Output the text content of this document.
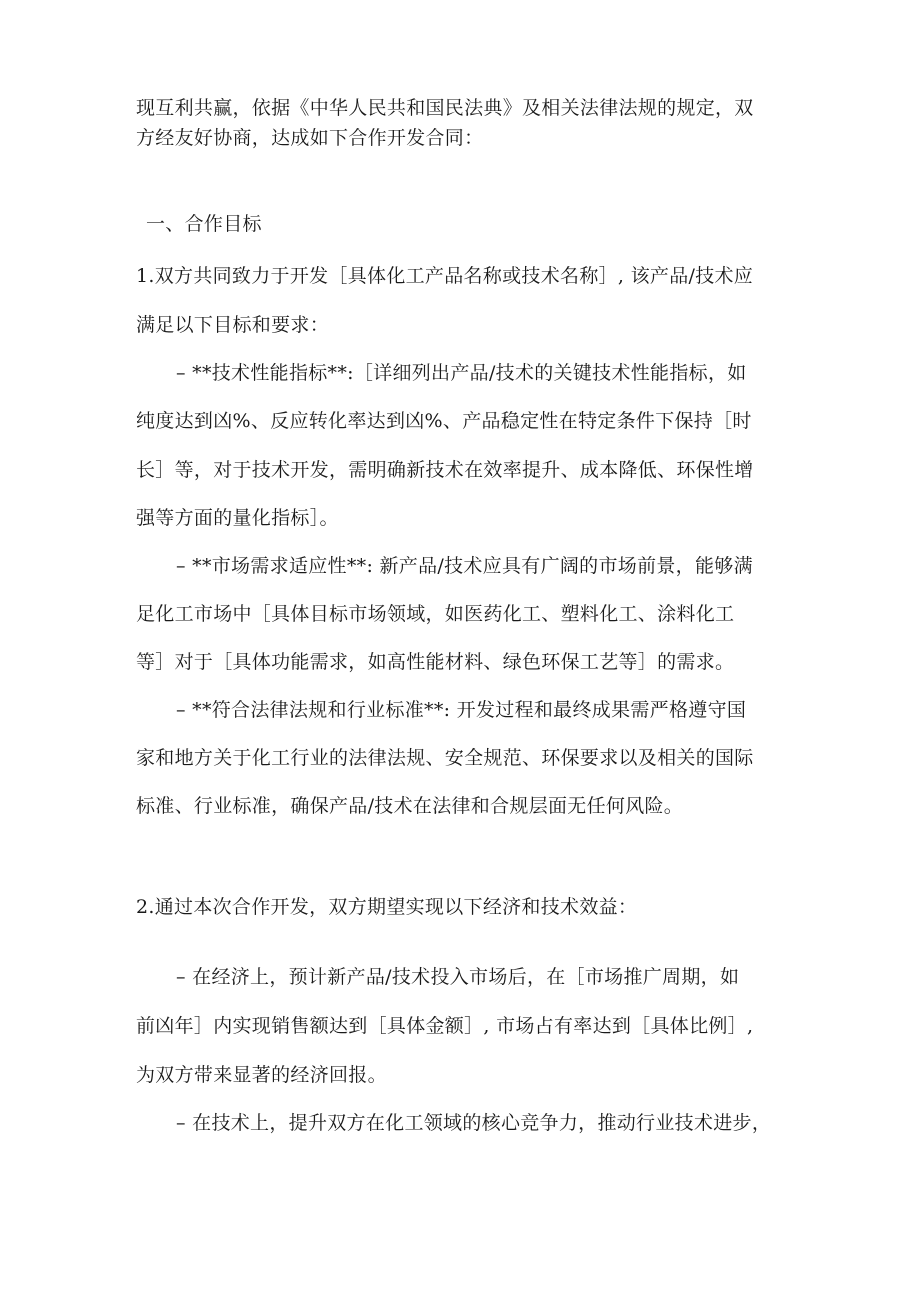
现互利共赢，依据《中华人民共和国民法典》及相关法律法规的规定，双
方经友好协商，达成如下合作开发合同：
一、合作目标
1.双方共同致力于开发［具体化工产品名称或技术名称］, 该产品/技术应
满足以下目标和要求：
– **技术性能指标**:［详细列出产品/技术的关键技术性能指标，如
纯度达到凶%、反应转化率达到凶%、产品稳定性在特定条件下保持［时
长］等，对于技术开发，需明确新技术在效率提升、成本降低、环保性增
强等方面的量化指标］。
– **市场需求适应性**: 新产品/技术应具有广阔的市场前景，能够满
足化工市场中［具体目标市场领域，如医药化工、塑料化工、涂料化工
等］对于［具体功能需求，如高性能材料、绿色环保工艺等］的需求。
– **符合法律法规和行业标准**: 开发过程和最终成果需严格遵守国
家和地方关于化工行业的法律法规、安全规范、环保要求以及相关的国际
标准、行业标准，确保产品/技术在法律和合规层面无任何风险。
2.通过本次合作开发，双方期望实现以下经济和技术效益：
– 在经济上，预计新产品/技术投入市场后，在［市场推广周期，如
前凶年］内实现销售额达到［具体金额］, 市场占有率达到［具体比例］,
为双方带来显著的经济回报。
– 在技术上，提升双方在化工领域的核心竞争力，推动行业技术进步，
